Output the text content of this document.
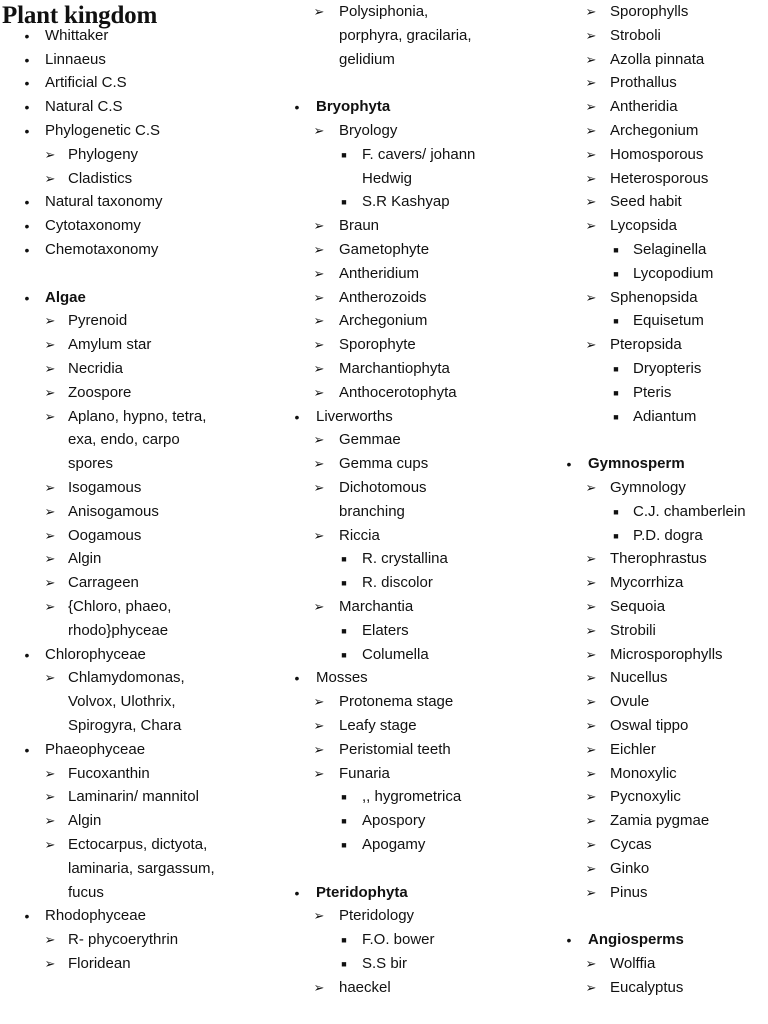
Plant kingdom
•	Whittaker
•	Linnaeus
•	Artificial C.S
•	Natural C.S
•	Phylogenetic C.S
➢ Phylogeny
➢ Cladistics
•	Natural taxonomy
•	Cytotaxonomy
•	Chemotaxonomy
•	Algae
➢ Pyrenoid
➢ Amylum star
➢ Necridia
➢ Zoospore
➢ Aplano, hypno, tetra,
exa, endo, carpo
spores
➢ Isogamous
➢ Anisogamous
➢ Oogamous
➢ Algin
➢ Carrageen
➢ {Chloro, phaeo,
rhodo}phyceae
•	Chlorophyceae
➢ Chlamydomonas,
Volvox, Ulothrix,
Spirogyra, Chara
•	Phaeophyceae
➢ Fucoxanthin
➢ Laminarin/ mannitol
➢ Algin
➢ Ectocarpus, dictyota,
laminaria, sargassum,
fucus
•	Rhodophyceae
➢ R- phycoerythrin
➢ Floridean
➢ Polysiphonia,
porphyra, gracilaria,
gelidium
•	Bryophyta
➢ Bryology
■ F. cavers/ johann
Hedwig
■ S.R Kashyap
➢ Braun
➢ Gametophyte
➢ Antheridium
➢ Antherozoids
➢ Archegonium
➢ Sporophyte
➢ Marchantiophyta
➢ Anthocerotophyta
•	Liverworths
➢ Gemmae
➢ Gemma cups
➢ Dichotomous
branching
➢ Riccia
■ R. crystallina
■ R. discolor
➢ Marchantia
■ Elaters
■ Columella
•	Mosses
➢ Protonema stage
➢ Leafy stage
➢ Peristomial teeth
➢ Funaria
■ ,, hygrometrica
■ Apospory
■ Apogamy
•	Pteridophyta
➢ Pteridology
■ F.O. bower
■ S.S bir
➢ haeckel
➢ Sporophylls
➢ Stroboli
➢ Azolla pinnata
➢ Prothallus
➢ Antheridia
➢ Archegonium
➢ Homosporous
➢ Heterosporous
➢ Seed habit
➢ Lycopsida
■ Selaginella
■ Lycopodium
➢ Sphenopsida
■ Equisetum
➢ Pteropsida
■ Dryopteris
■ Pteris
■ Adiantum
•	Gymnosperm
➢ Gymnology
■ C.J. chamberlein
■ P.D. dogra
➢ Therophrastus
➢ Mycorrhiza
➢ Sequoia
➢ Strobili
➢ Microsporophylls
➢ Nucellus
➢ Ovule
➢ Oswal tippo
➢ Eichler
➢ Monoxylic
➢ Pycnoxylic
➢ Zamia pygmae
➢ Cycas
➢ Ginko
➢ Pinus
•	Angiosperms
➢ Wolffia
➢ Eucalyptus
